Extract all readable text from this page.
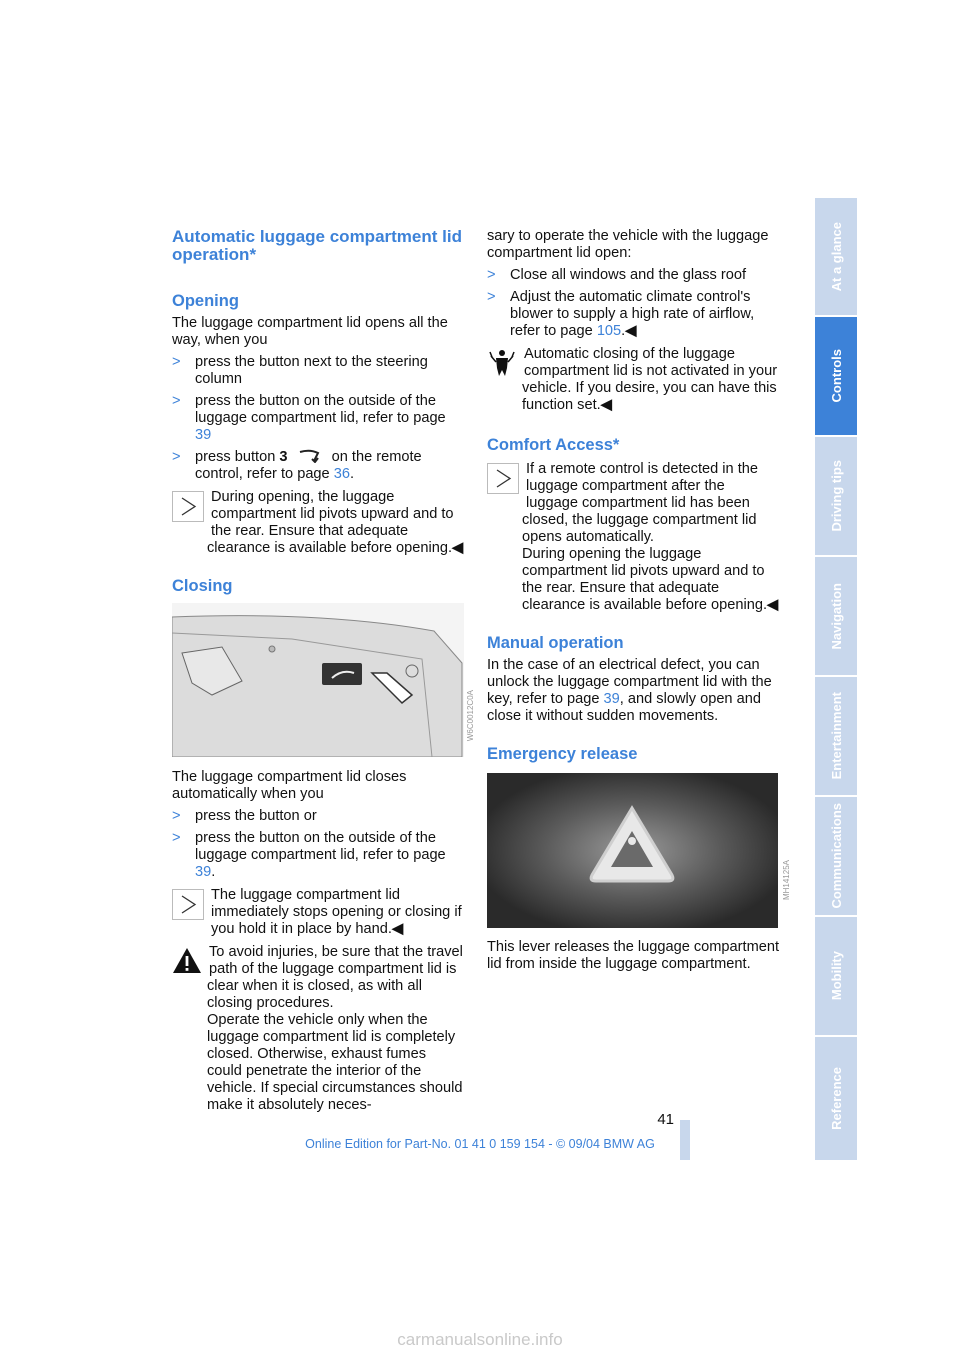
Automatic luggage compartment lid operation*
Opening

The luggage compartment lid opens all the way, when you

> press the button next to the steering column
> press the button on the outside of the luggage compartment lid, refer to page 39
> press button 3	on the remote control, refer to page 36.
During opening, the luggage compartment lid pivots upward and to the rear. Ensure that adequate clearance is available before opening.◀
Closing

The luggage compartment lid closes automatically when you

> press the button or
> press the button on the outside of the luggage compartment lid, refer to page 39.
The luggage compartment lid immediately stops opening or closing if you hold it in place by hand.◀
To avoid injuries, be sure that the travel path of the luggage compartment lid is clear when it is closed, as with all closing procedures.
Operate the vehicle only when the luggage compartment lid is completely closed. Otherwise, exhaust fumes could penetrate the interior of the vehicle. If special circumstances should make it absolutely neces-

sary to operate the vehicle with the luggage compartment lid open:

> Close all windows and the glass roof
> Adjust the automatic climate control's blower to supply a high rate of airflow, refer to page 105.◀
Automatic closing of the luggage compartment lid is not activated in your vehicle. If you desire, you can have this function set.◀
Comfort Access*
If a remote control is detected in the luggage compartment after the luggage compartment lid has been closed, the luggage compartment lid opens automatically.
During opening the luggage compartment lid pivots upward and to the rear. Ensure that adequate clearance is available before opening.◀
Manual operation

In the case of an electrical defect, you can unlock the luggage compartment lid with the key, refer to page 39, and slowly open and close it without sudden movements.

Emergency release

This lever releases the luggage compartment lid from inside the luggage compartment.

W6C0012C0A
MH14125A
At a glance
Controls
Driving tips
Navigation
Entertainment
Communications
Mobility
Reference
41
Online Edition for Part-No. 01 41 0 159 154 - © 09/04 BMW AG
carmanualsonline.info
